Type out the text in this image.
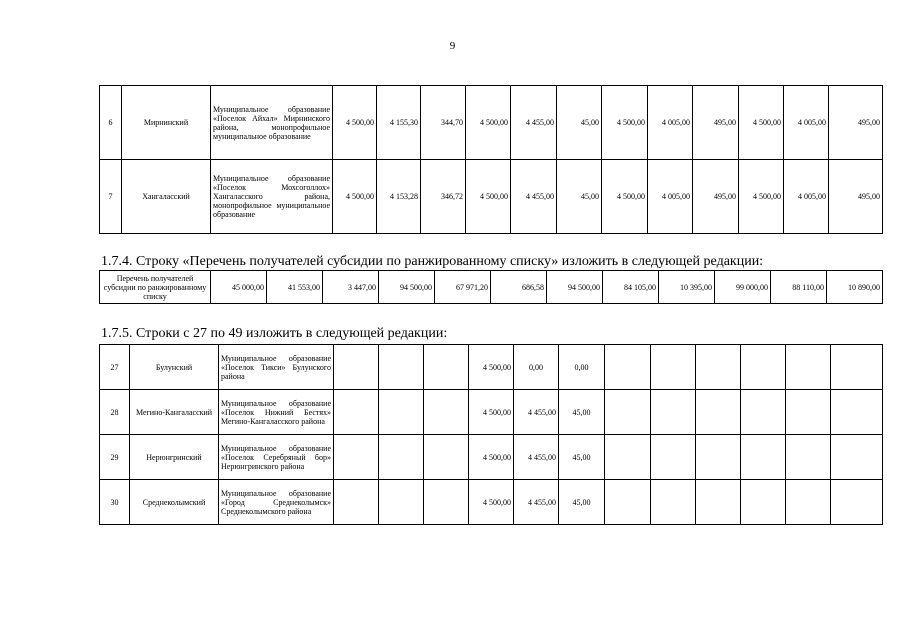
9
6	Мирнинский	Муниципальное образование «Поселок Айхал» Мирнинского района, монопрофильное муниципальное образование	4 500,00	4 155,30	344,70	4 500,00	4 455,00	45,00	4 500,00	4 005,00	495,00	4 500,00	4 005,00	495,00
7	Хангаласский	Муниципальное образование «Поселок Мохсоголлох» Хангаласского района, монопрофильное муниципальное образование	4 500,00	4 153,28	346,72	4 500,00	4 455,00	45,00	4 500,00	4 005,00	495,00	4 500,00	4 005,00	495,00
1.7.4. Строку «Перечень получателей субсидии по ранжированному списку» изложить в следующей редакции:
Перечень получателей субсидии по ранжированному списку	45 000,00	41 553,00	3 447,00	94 500,00	67 971,20	686,58	94 500,00	84 105,00	10 395,00	99 000,00	88 110,00	10 890,00
1.7.5. Строки с 27 по 49 изложить в следующей редакции:
27	Булунский	Муниципальное образование «Поселок Тикси» Булунского района				4 500,00	0,00	0,00						
28	Мегино-Кангаласский	Муниципальное образование «Поселок Нижний Бестях» Мегино-Кангаласского района				4 500,00	4 455,00	45,00						
29	Нерюнгринский	Муниципальное образование «Поселок Серебряный бор» Нерюнгринского района				4 500,00	4 455,00	45,00						
30	Среднеколымский	Муниципальное образование «Город Среднеколымск» Среднеколымского района				4 500,00	4 455,00	45,00						
